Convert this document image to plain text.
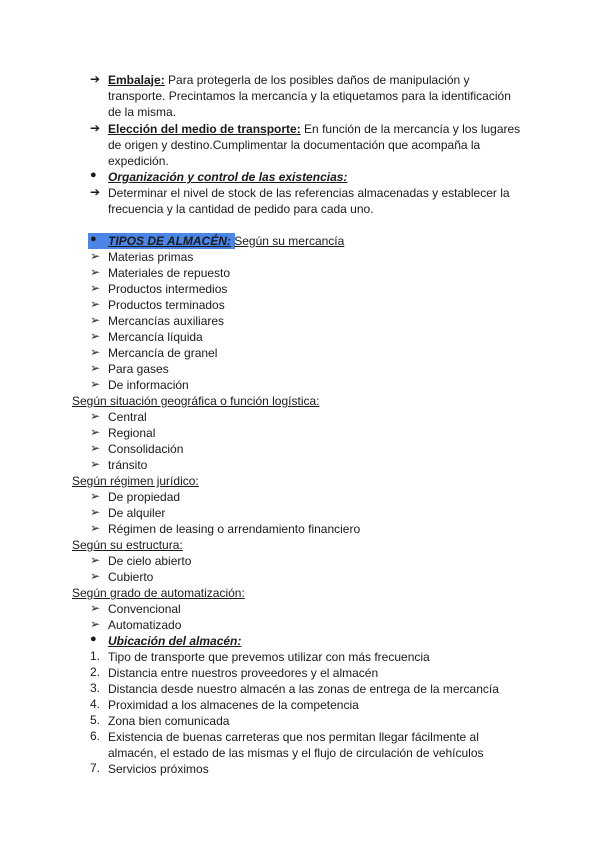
➔ Embalaje: Para protegerla de los posibles daños de manipulación y
transporte. Precintamos la mercancía y la etiquetamos para la identificación
de la misma.
➔ Elección del medio de transporte: En función de la mercancía y los lugares
de origen y destino.Cumplimentar la documentación que acompaña la
expedición.
● Organización y control de las existencias:
➔ Determinar el nivel de stock de las referencias almacenadas y establecer la
frecuencia y la cantidad de pedido para cada uno.
● TIPOS DE ALMACÉN: Según su mercancía
➢ Materias primas
➢ Materiales de repuesto
➢ Productos intermedios
➢ Productos terminados
➢ Mercancías auxiliares
➢ Mercancía líquida
➢ Mercancía de granel
➢ Para gases
➢ De información
Según situación geográfica o función logística:
➢ Central
➢ Regional
➢ Consolidación
➢ tránsito
Según régimen jurídico:
➢ De propiedad
➢ De alquiler
➢ Régimen de leasing o arrendamiento financiero
Según su estructura:
➢ De cielo abierto
➢ Cubierto
Según grado de automatización:
➢ Convencional
➢ Automatizado
● Ubicación del almacén:
1. Tipo de transporte que prevemos utilizar con más frecuencia
2. Distancia entre nuestros proveedores y el almacén
3. Distancia desde nuestro almacén a las zonas de entrega de la mercancía
4. Proximidad a los almacenes de la competencia
5. Zona bien comunicada
6. Existencia de buenas carreteras que nos permitan llegar fácilmente al
almacén, el estado de las mismas y el flujo de circulación de vehículos
7. Servicios próximos
